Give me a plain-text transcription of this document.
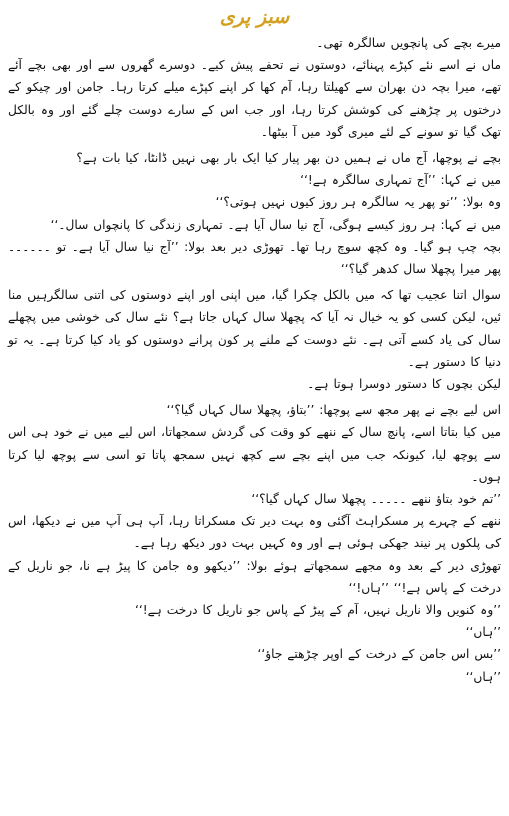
سبز پری

میرے بچے کی پانچویں سالگرہ تھی۔

ماں نے اسے نئے کپڑے پہنائے، دوستوں نے تحفے پیش کیے۔ دوسرے گھروں سے اور بھی بچے آئے تھے، میرا بچہ دن بھران سے کھیلتا رہا، آم کھا کر اپنے کپڑے میلے کرتا رہا۔ جامن اور چیکو کے درختوں پر چڑھنے کی کوشش کرتا رہا، اور جب اس کے سارے دوست چلے گئے اور وہ بالکل تھک گیا تو سونے کے لئے میری گود میں آ بیٹھا۔

بچے نے پوچھا، آج ماں نے ہمیں دن بھر پیار کیا ایک بار بھی نہیں ڈانٹا، کیا بات ہے؟

میں نے کہا: ’’آج تمہاری سالگرہ ہے!‘‘

وہ بولا: ’’تو پھر یہ سالگرہ ہر روز کیوں نہیں ہوتی؟‘‘

میں نے کہا: ہر روز کیسے ہوگی، آج نیا سال آیا ہے۔ تمہاری زندگی کا پانچواں سال۔‘‘

بچہ چپ ہو گیا۔ وہ کچھ سوچ رہا تھا۔ تھوڑی دیر بعد بولا: ’’آج نیا سال آیا ہے۔ تو ۔۔۔۔۔۔ پھر میرا پچھلا سال کدھر گیا؟‘‘

سوال اتنا عجیب تھا کہ میں بالکل چکرا گیا، میں اپنی اور اپنے دوستوں کی اتنی سالگرہیں منا ئیں، لیکن کسی کو یہ خیال نہ آیا کہ پچھلا سال کہاں جاتا ہے؟ نئے سال کی خوشی میں پچھلے سال کی یاد کسے آتی ہے۔ نئے دوست کے ملنے پر کون پرانے دوستوں کو یاد کیا کرتا ہے۔ یہ تو دنیا کا دستور ہے۔

لیکن بچوں کا دستور دوسرا ہوتا ہے۔

اس لیے بچے نے پھر مجھ سے پوچھا: ’’بتاؤ، پچھلا سال کہاں گیا؟‘‘

میں کیا بتاتا اسے، پانچ سال کے ننھے کو وقت کی گردش سمجھاتا، اس لیے میں نے خود ہی اس سے پوچھ لیا، کیونکہ جب میں اپنے بچے سے کچھ نہیں سمجھ پاتا تو اسی سے پوچھ لیا کرتا ہوں۔

’’تم خود بتاؤ ننھے ۔۔۔۔۔ پچھلا سال کہاں گیا؟‘‘

ننھے کے چہرے پر مسکراہٹ آگئی وہ بہت دیر تک مسکراتا رہا، آپ ہی آپ میں نے دیکھا، اس کی پلکوں پر نیند جھکی ہوئی ہے اور وہ کہیں بہت دور دیکھ رہا ہے۔

تھوڑی دیر کے بعد وہ مجھے سمجھاتے ہوئے بولا: ’’دیکھو وہ جامن کا پیڑ ہے نا، جو ناریل کے درخت کے پاس ہے!‘‘ ’’ہاں!‘‘

’’وہ کنویں والا ناریل نہیں، آم کے پیڑ کے پاس جو ناریل کا درخت ہے!‘‘

’’ہاں‘‘

’’بس اس جامن کے درخت کے اوپر چڑھتے جاؤ‘‘

’’ہاں‘‘
